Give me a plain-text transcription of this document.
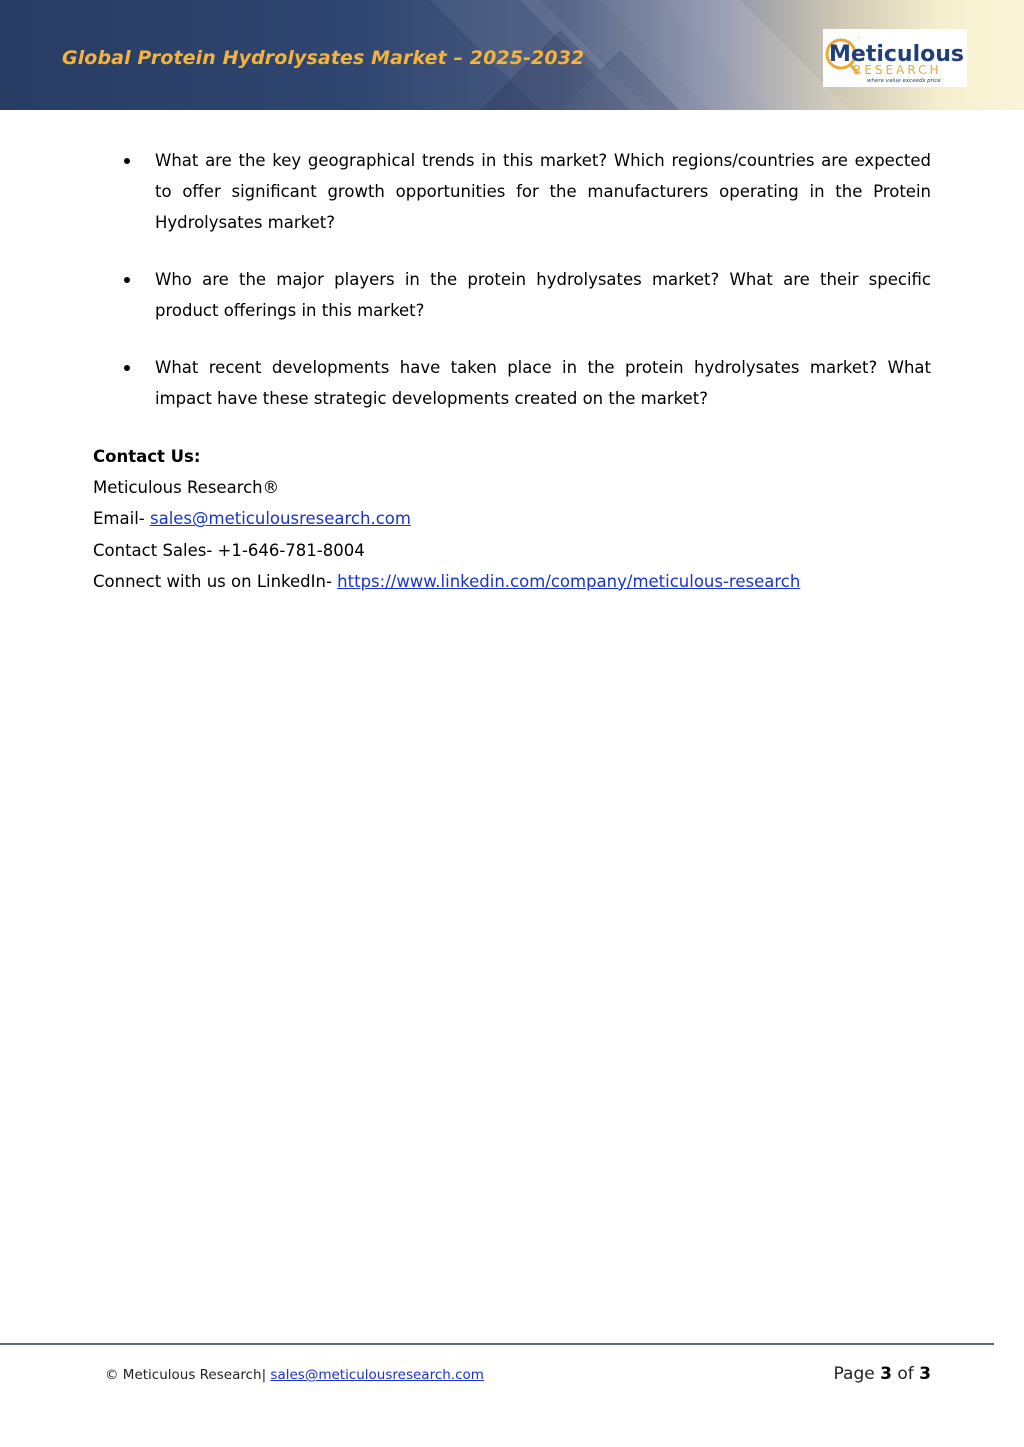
Global Protein Hydrolysates Market – 2025-2032	Meticulous
RESEARCH
where value exceeds price
What are the key geographical trends in this market? Which regions/countries are expected to offer significant growth opportunities for the manufacturers operating in the Protein Hydrolysates market?
Who are the major players in the protein hydrolysates market? What are their specific product offerings in this market?
What recent developments have taken place in the protein hydrolysates market? What impact have these strategic developments created on the market?
Contact Us:
Meticulous Research®
Email- sales@meticulousresearch.com
Contact Sales- +1-646-781-8004
Connect with us on LinkedIn- https://www.linkedin.com/company/meticulous-research
© Meticulous Research| sales@meticulousresearch.com	Page 3 of 3
